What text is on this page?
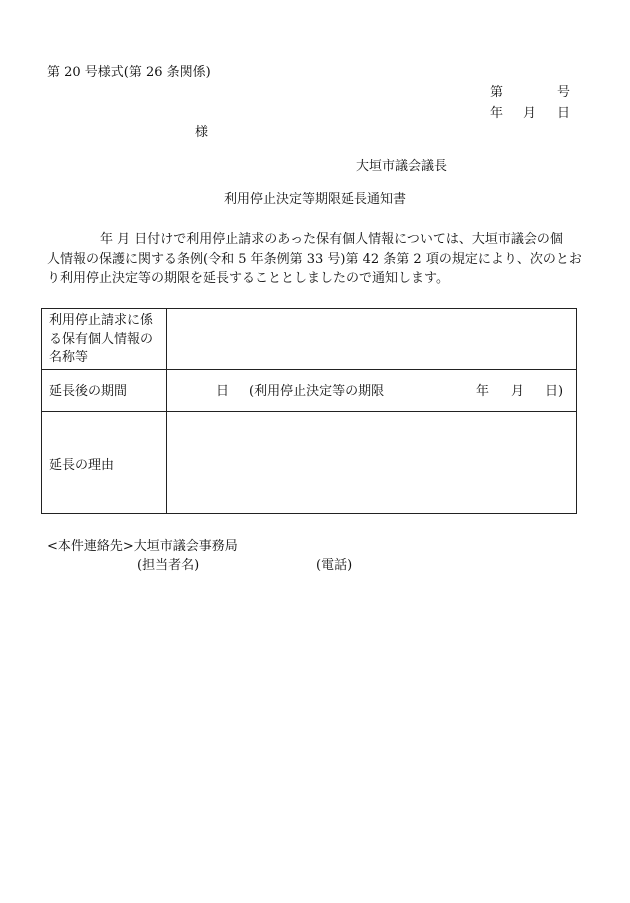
第 20 号様式(第 26 条関係)
第	号
年 月 日
様
大垣市議会議長
利用停止決定等期限延長通知書
年 月 日付けで利用停止請求のあった保有個人情報については、大垣市議会の個
人情報の保護に関する条例(令和 5 年条例第 33 号)第 42 条第 2 項の規定により、次のとお
り利用停止決定等の期限を延長することとしましたので通知します。
利用停止請求に係
る保有個人情報の
名称等
延長後の期間	日 (利用停止決定等の期限	年 月 日)
延長の理由
<本件連絡先>大垣市議会事務局
(担当者名)	(電話)
